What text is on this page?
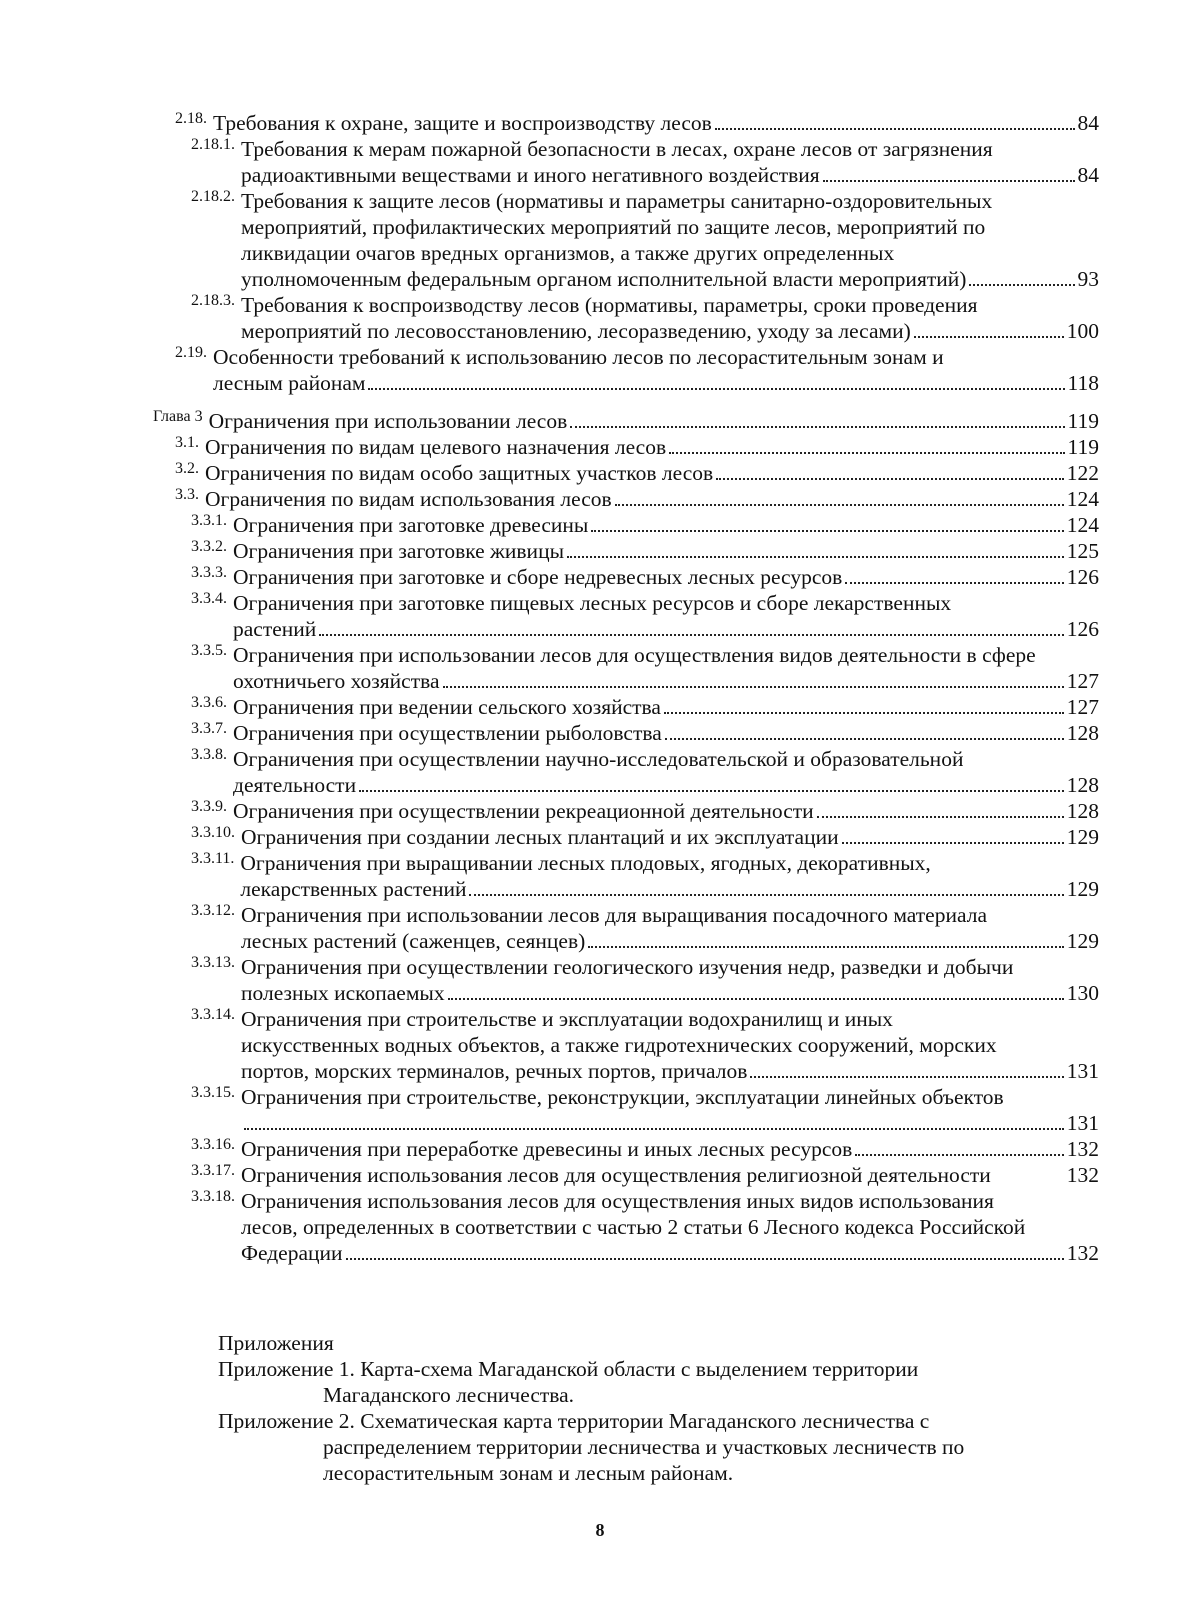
2.18. Требования к охране, защите и воспроизводству лесов	84
2.18.1. Требования к мерам пожарной безопасности в лесах, охране лесов от загрязнения
радиоактивными веществами и иного негативного воздействия	84
2.18.2. Требования к защите лесов (нормативы и параметры санитарно-оздоровительных
мероприятий, профилактических мероприятий по защите лесов, мероприятий по
ликвидации очагов вредных организмов, а также других определенных
уполномоченным федеральным органом исполнительной власти мероприятий)	93
2.18.3. Требования к воспроизводству лесов (нормативы, параметры, сроки проведения
мероприятий по лесовосстановлению, лесоразведению, уходу за лесами)	100
2.19. Особенности требований к использованию лесов по лесорастительным зонам и
лесным районам	118
Глава 3 Ограничения при использовании лесов	119
3.1. Ограничения по видам целевого назначения лесов	119
3.2. Ограничения по видам особо защитных участков лесов	122
3.3. Ограничения по видам использования лесов	124
3.3.1. Ограничения при заготовке древесины	124
3.3.2. Ограничения при заготовке живицы	125
3.3.3. Ограничения при заготовке и сборе недревесных лесных ресурсов	126
3.3.4. Ограничения при заготовке пищевых лесных ресурсов и сборе лекарственных
растений	126
3.3.5. Ограничения при использовании лесов для осуществления видов деятельности в сфере
охотничьего хозяйства	127
3.3.6. Ограничения при ведении сельского хозяйства	127
3.3.7. Ограничения при осуществлении рыболовства	128
3.3.8. Ограничения при осуществлении научно-исследовательской и образовательной
деятельности	128
3.3.9. Ограничения при осуществлении рекреационной деятельности	128
3.3.10. Ограничения при создании лесных плантаций и их эксплуатации	129
3.3.11. Ограничения при выращивании лесных плодовых, ягодных, декоративных,
лекарственных растений	129
3.3.12. Ограничения при использовании лесов для выращивания посадочного материала
лесных растений (саженцев, сеянцев)	129
3.3.13. Ограничения при осуществлении геологического изучения недр, разведки и добычи
полезных ископаемых	130
3.3.14. Ограничения при строительстве и эксплуатации водохранилищ и иных
искусственных водных объектов, а также гидротехнических сооружений, морских
портов, морских терминалов, речных портов, причалов	131
3.3.15. Ограничения при строительстве, реконструкции, эксплуатации линейных объектов
131
3.3.16. Ограничения при переработке древесины и иных лесных ресурсов	132
3.3.17. Ограничения использования лесов для осуществления религиозной деятельности	132
3.3.18. Ограничения использования лесов для осуществления иных видов использования
лесов, определенных в соответствии с частью 2 статьи 6 Лесного кодекса Российской
Федерации	132
Приложения
Приложение 1. Карта-схема Магаданской области с выделением территории
Магаданского лесничества.
Приложение 2. Схематическая карта территории Магаданского лесничества с
распределением территории лесничества и участковых лесничеств по
лесорастительным зонам и лесным районам.
8
